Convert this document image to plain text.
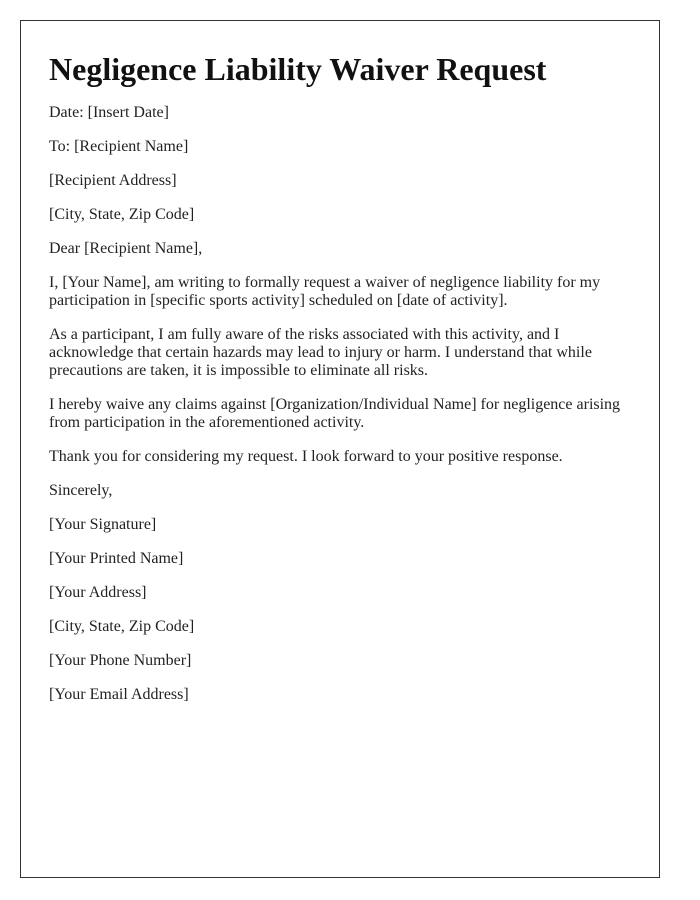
Negligence Liability Waiver Request

Date: [Insert Date]

To: [Recipient Name]

[Recipient Address]

[City, State, Zip Code]

Dear [Recipient Name],

I, [Your Name], am writing to formally request a waiver of negligence liability for my participation in [specific sports activity] scheduled on [date of activity].

As a participant, I am fully aware of the risks associated with this activity, and I acknowledge that certain hazards may lead to injury or harm. I understand that while precautions are taken, it is impossible to eliminate all risks.

I hereby waive any claims against [Organization/Individual Name] for negligence arising from participation in the aforementioned activity.

Thank you for considering my request. I look forward to your positive response.

Sincerely,

[Your Signature]

[Your Printed Name]

[Your Address]

[City, State, Zip Code]

[Your Phone Number]

[Your Email Address]
